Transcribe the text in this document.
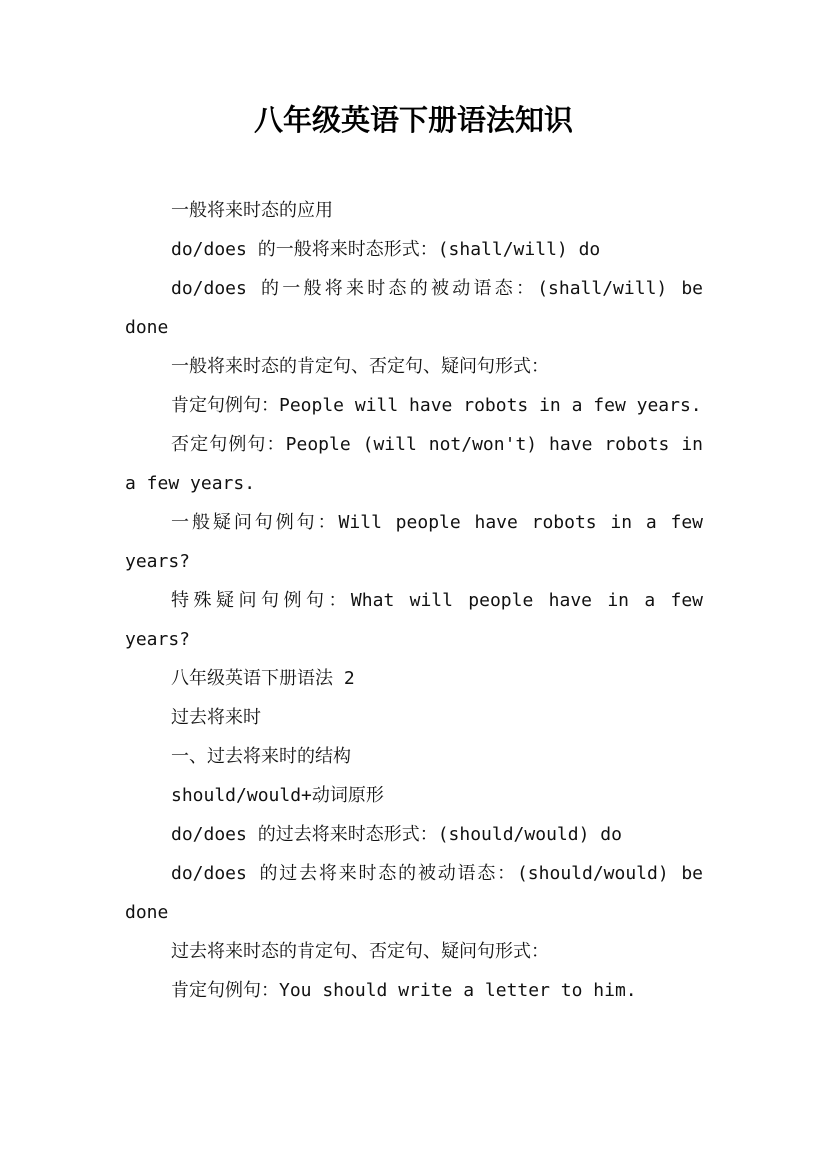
八年级英语下册语法知识

一般将来时态的应用

do/does 的一般将来时态形式：(shall/will) do

do/does 的一般将来时态的被动语态：(shall/will) be done

一般将来时态的肯定句、否定句、疑问句形式：

肯定句例句：People will have robots in a few years.

否定句例句：People (will not/won't) have robots in a few years.

一般疑问句例句：Will people have robots in a few years?

特殊疑问句例句：What will people have in a few years?

八年级英语下册语法 2

过去将来时

一、过去将来时的结构

should/would+动词原形

do/does 的过去将来时态形式：(should/would) do

do/does 的过去将来时态的被动语态：(should/would) be done

过去将来时态的肯定句、否定句、疑问句形式：

肯定句例句：You should write a letter to him.
